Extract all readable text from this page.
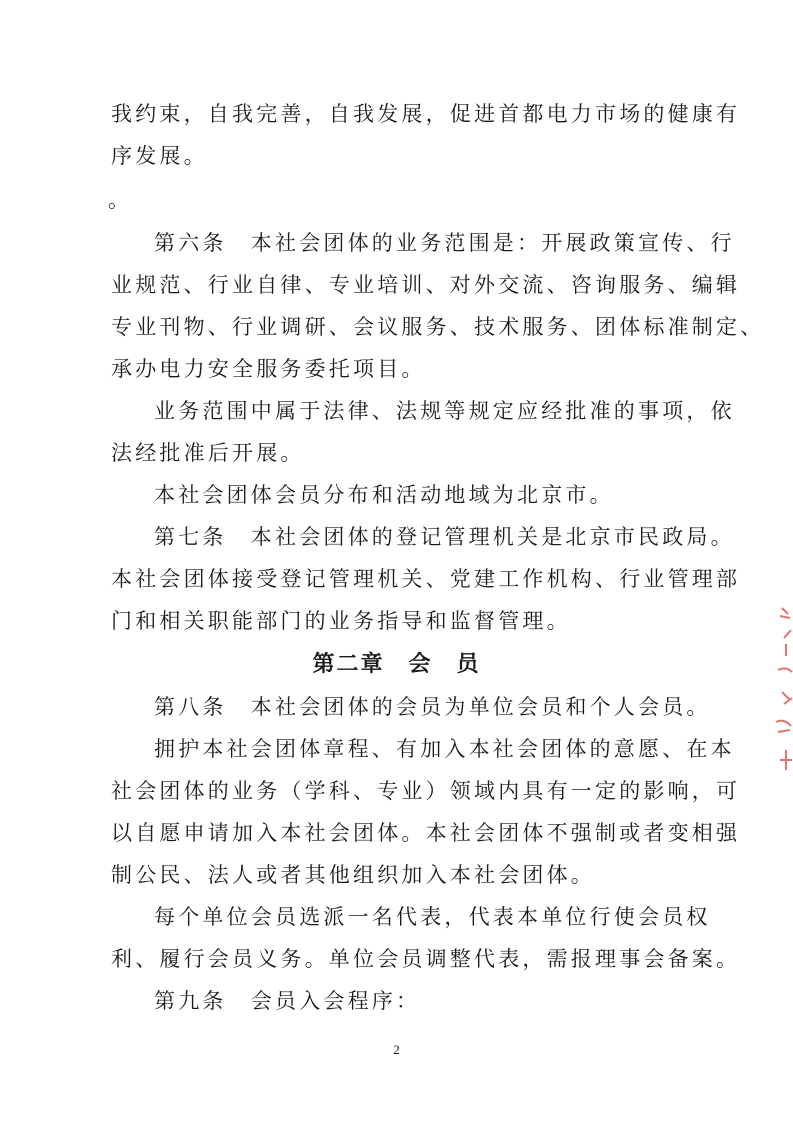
我约束，自我完善，自我发展，促进首都电力市场的健康有
序发展。
。
第六条　本社会团体的业务范围是：开展政策宣传、行
业规范、行业自律、专业培训、对外交流、咨询服务、编辑
专业刊物、行业调研、会议服务、技术服务、团体标准制定、
承办电力安全服务委托项目。
业务范围中属于法律、法规等规定应经批准的事项，依
法经批准后开展。
本社会团体会员分布和活动地域为北京市。
第七条　本社会团体的登记管理机关是北京市民政局。
本社会团体接受登记管理机关、党建工作机构、行业管理部
门和相关职能部门的业务指导和监督管理。
第二章　会　员
第八条　本社会团体的会员为单位会员和个人会员。
拥护本社会团体章程、有加入本社会团体的意愿、在本
社会团体的业务（学科、专业）领域内具有一定的影响，可
以自愿申请加入本社会团体。本社会团体不强制或者变相强
制公民、法人或者其他组织加入本社会团体。
每个单位会员选派一名代表，代表本单位行使会员权
利、履行会员义务。单位会员调整代表，需报理事会备案。
第九条　会员入会程序：
2
